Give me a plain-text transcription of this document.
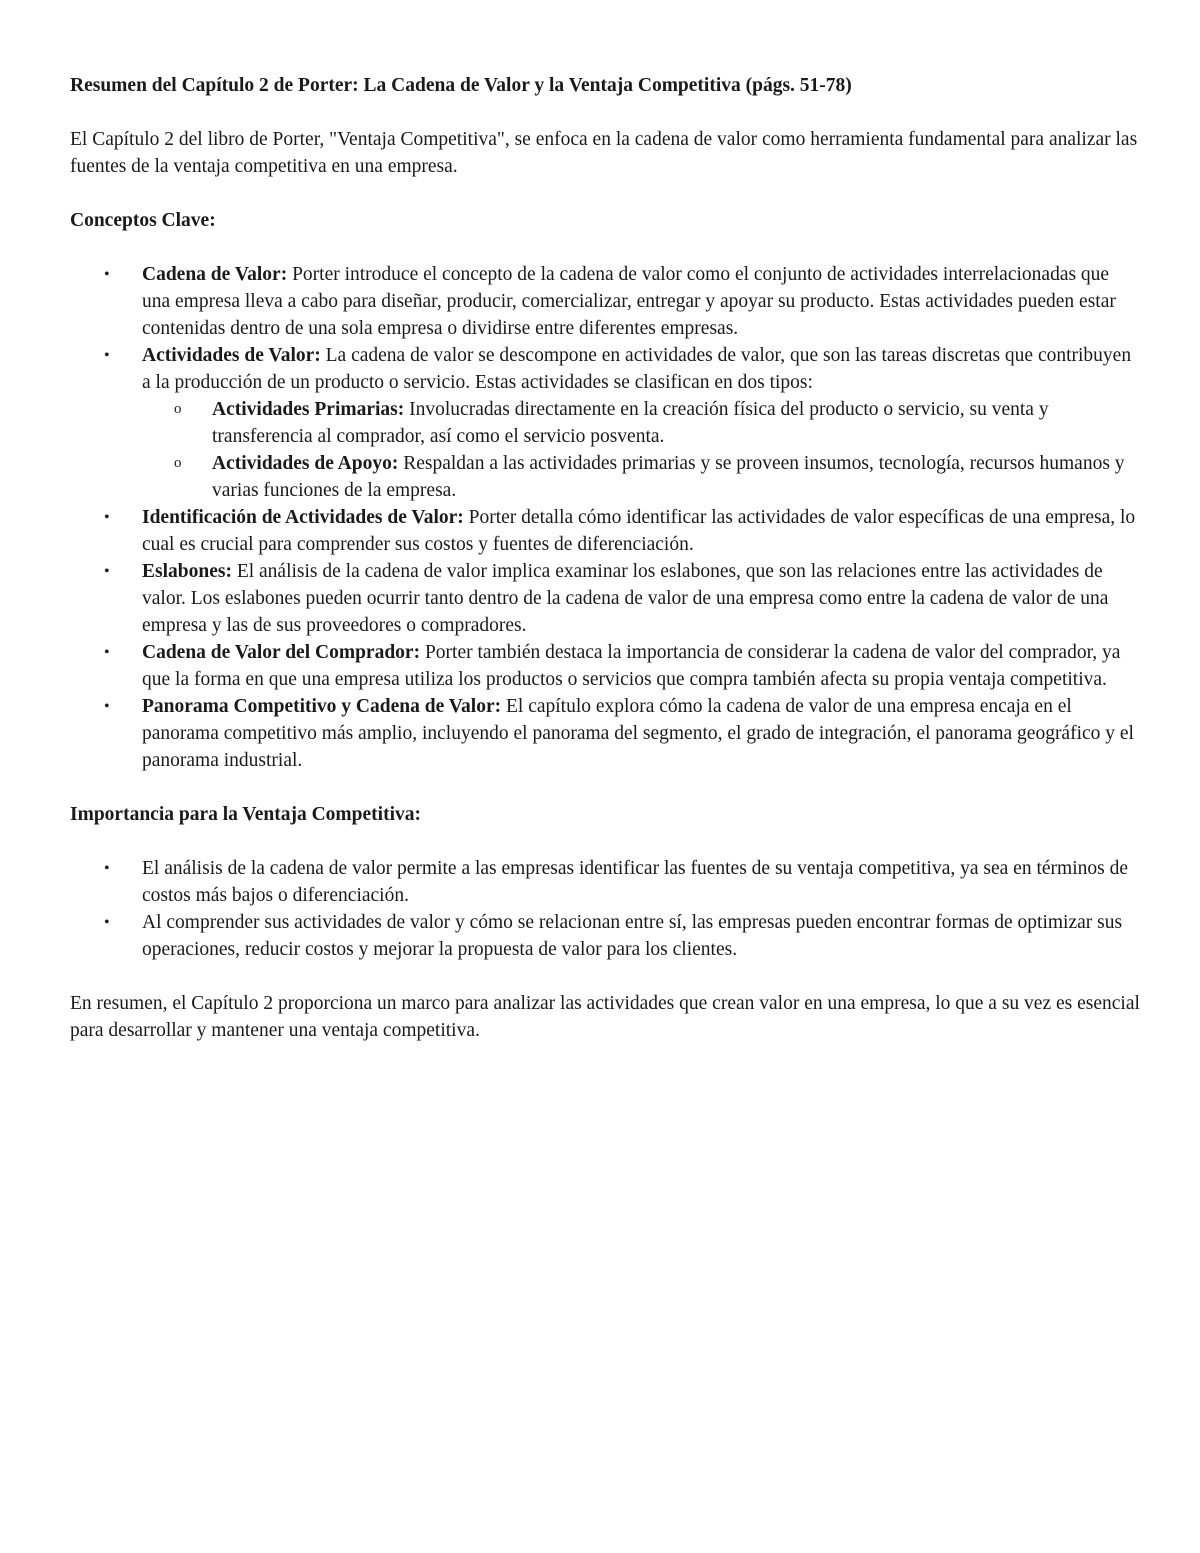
Resumen del Capítulo 2 de Porter: La Cadena de Valor y la Ventaja Competitiva (págs. 51-78)

El Capítulo 2 del libro de Porter, "Ventaja Competitiva", se enfoca en la cadena de valor como herramienta fundamental para analizar las fuentes de la ventaja competitiva en una empresa.

Conceptos Clave:
• Cadena de Valor: Porter introduce el concepto de la cadena de valor como el conjunto de actividades interrelacionadas que una empresa lleva a cabo para diseñar, producir, comercializar, entregar y apoyar su producto. Estas actividades pueden estar contenidas dentro de una sola empresa o dividirse entre diferentes empresas.
• Actividades de Valor: La cadena de valor se descompone en actividades de valor, que son las tareas discretas que contribuyen a la producción de un producto o servicio. Estas actividades se clasifican en dos tipos:
o Actividades Primarias: Involucradas directamente en la creación física del producto o servicio, su venta y transferencia al comprador, así como el servicio posventa.
o Actividades de Apoyo: Respaldan a las actividades primarias y se proveen insumos, tecnología, recursos humanos y varias funciones de la empresa.
• Identificación de Actividades de Valor: Porter detalla cómo identificar las actividades de valor específicas de una empresa, lo cual es crucial para comprender sus costos y fuentes de diferenciación.
• Eslabones: El análisis de la cadena de valor implica examinar los eslabones, que son las relaciones entre las actividades de valor. Los eslabones pueden ocurrir tanto dentro de la cadena de valor de una empresa como entre la cadena de valor de una empresa y las de sus proveedores o compradores.
• Cadena de Valor del Comprador: Porter también destaca la importancia de considerar la cadena de valor del comprador, ya que la forma en que una empresa utiliza los productos o servicios que compra también afecta su propia ventaja competitiva.
• Panorama Competitivo y Cadena de Valor: El capítulo explora cómo la cadena de valor de una empresa encaja en el panorama competitivo más amplio, incluyendo el panorama del segmento, el grado de integración, el panorama geográfico y el panorama industrial.
Importancia para la Ventaja Competitiva:
• El análisis de la cadena de valor permite a las empresas identificar las fuentes de su ventaja competitiva, ya sea en términos de costos más bajos o diferenciación.
• Al comprender sus actividades de valor y cómo se relacionan entre sí, las empresas pueden encontrar formas de optimizar sus operaciones, reducir costos y mejorar la propuesta de valor para los clientes.

En resumen, el Capítulo 2 proporciona un marco para analizar las actividades que crean valor en una empresa, lo que a su vez es esencial para desarrollar y mantener una ventaja competitiva.
